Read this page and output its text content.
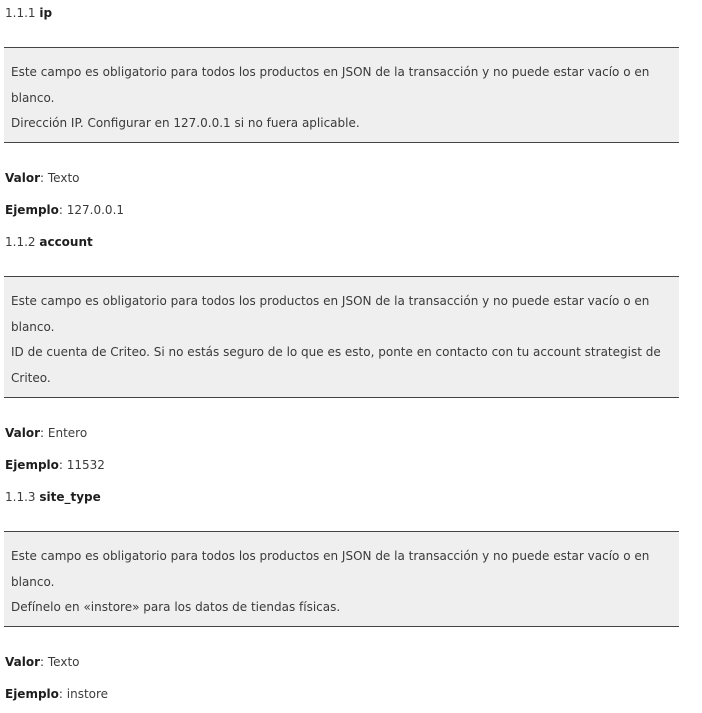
1.1.1 ip

Este campo es obligatorio para todos los productos en JSON de la transacción y no puede estar vacío o en

blanco.

Dirección IP. Configurar en 127.0.0.1 si no fuera aplicable.

Valor: Texto
Ejemplo: 127.0.0.1
1.1.2 account

Este campo es obligatorio para todos los productos en JSON de la transacción y no puede estar vacío o en

blanco.

ID de cuenta de Criteo. Si no estás seguro de lo que es esto, ponte en contacto con tu account strategist de

Criteo.

Valor: Entero
Ejemplo: 11532
1.1.3 site_type

Este campo es obligatorio para todos los productos en JSON de la transacción y no puede estar vacío o en

blanco.

Defínelo en «instore» para los datos de tiendas físicas.

Valor: Texto
Ejemplo: instore
